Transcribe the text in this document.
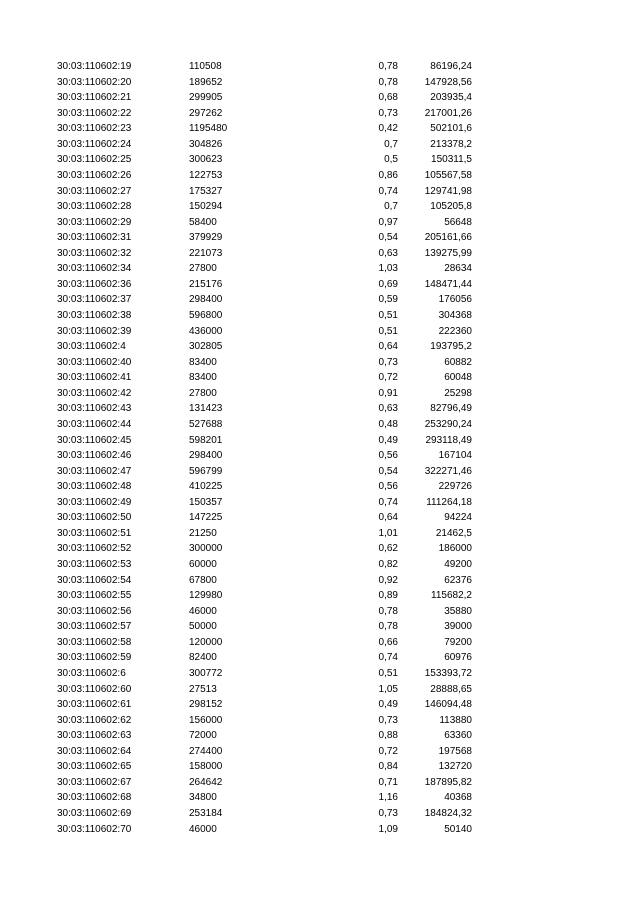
30:03:110602:19	110508	0,78	86196,24
30:03:110602:20	189652	0,78	147928,56
30:03:110602:21	299905	0,68	203935,4
30:03:110602:22	297262	0,73	217001,26
30:03:110602:23	1195480	0,42	502101,6
30:03:110602:24	304826	0,7	213378,2
30:03:110602:25	300623	0,5	150311,5
30:03:110602:26	122753	0,86	105567,58
30:03:110602:27	175327	0,74	129741,98
30:03:110602:28	150294	0,7	105205,8
30:03:110602:29	58400	0,97	56648
30:03:110602:31	379929	0,54	205161,66
30:03:110602:32	221073	0,63	139275,99
30:03:110602:34	27800	1,03	28634
30:03:110602:36	215176	0,69	148471,44
30:03:110602:37	298400	0,59	176056
30:03:110602:38	596800	0,51	304368
30:03:110602:39	436000	0,51	222360
30:03:110602:4	302805	0,64	193795,2
30:03:110602:40	83400	0,73	60882
30:03:110602:41	83400	0,72	60048
30:03:110602:42	27800	0,91	25298
30:03:110602:43	131423	0,63	82796,49
30:03:110602:44	527688	0,48	253290,24
30:03:110602:45	598201	0,49	293118,49
30:03:110602:46	298400	0,56	167104
30:03:110602:47	596799	0,54	322271,46
30:03:110602:48	410225	0,56	229726
30:03:110602:49	150357	0,74	111264,18
30:03:110602:50	147225	0,64	94224
30:03:110602:51	21250	1,01	21462,5
30:03:110602:52	300000	0,62	186000
30:03:110602:53	60000	0,82	49200
30:03:110602:54	67800	0,92	62376
30:03:110602:55	129980	0,89	115682,2
30:03:110602:56	46000	0,78	35880
30:03:110602:57	50000	0,78	39000
30:03:110602:58	120000	0,66	79200
30:03:110602:59	82400	0,74	60976
30:03:110602:6	300772	0,51	153393,72
30:03:110602:60	27513	1,05	28888,65
30:03:110602:61	298152	0,49	146094,48
30:03:110602:62	156000	0,73	113880
30:03:110602:63	72000	0,88	63360
30:03:110602:64	274400	0,72	197568
30:03:110602:65	158000	0,84	132720
30:03:110602:67	264642	0,71	187895,82
30:03:110602:68	34800	1,16	40368
30:03:110602:69	253184	0,73	184824,32
30:03:110602:70	46000	1,09	50140
